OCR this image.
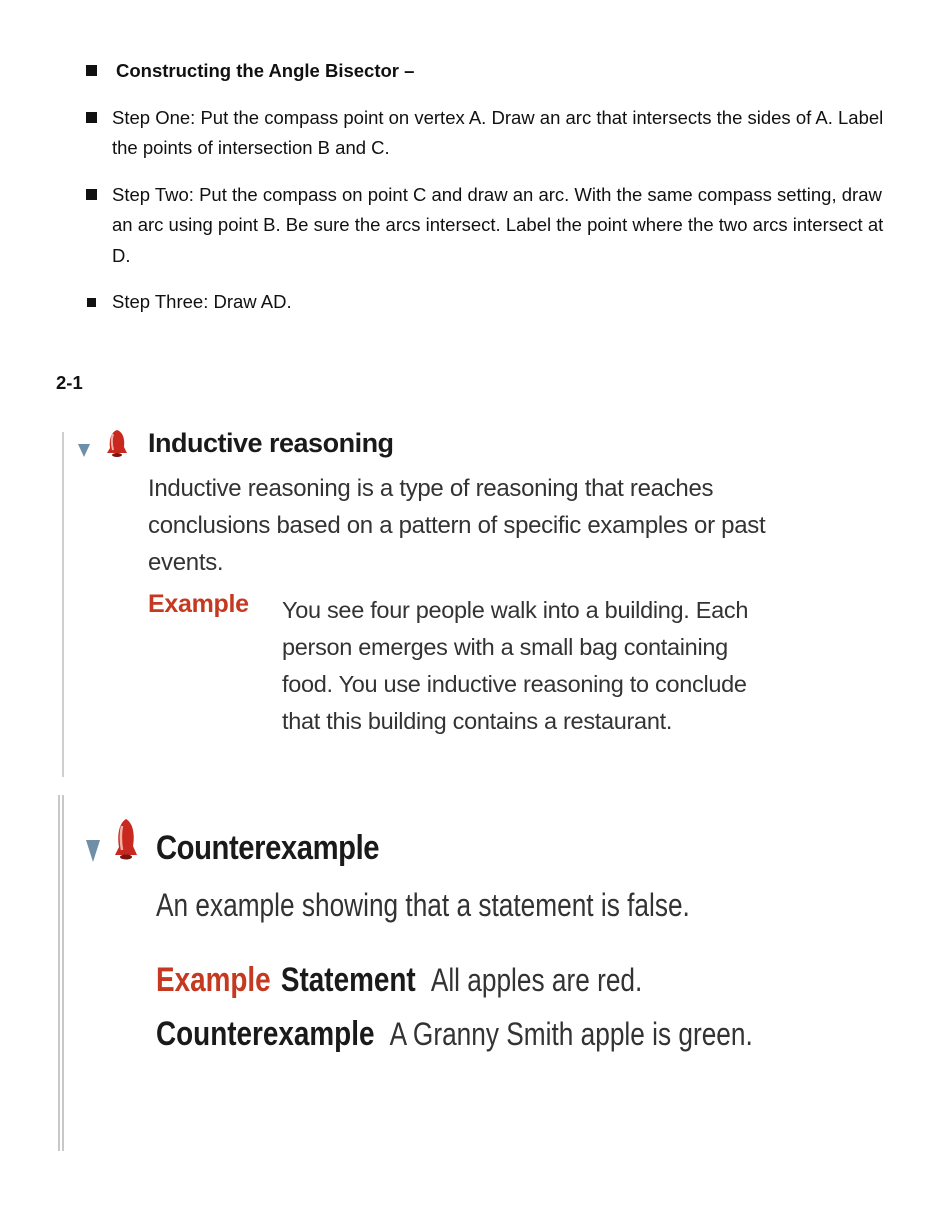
Constructing the Angle Bisector –
Step One: Put the compass point on vertex A. Draw an arc that intersects the sides of A. Label the points of intersection B and C.
Step Two: Put the compass on point C and draw an arc. With the same compass setting, draw an arc using point B. Be sure the arcs intersect. Label the point where the two arcs intersect at D.
Step Three: Draw AD.
2-1
Inductive reasoning
Inductive reasoning is a type of reasoning that reaches conclusions based on a pattern of specific examples or past events.
Example You see four people walk into a building. Each person emerges with a small bag containing food. You use inductive reasoning to conclude that this building contains a restaurant.
Counterexample
An example showing that a statement is false.
Example Statement All apples are red.
Counterexample A Granny Smith apple is green.
